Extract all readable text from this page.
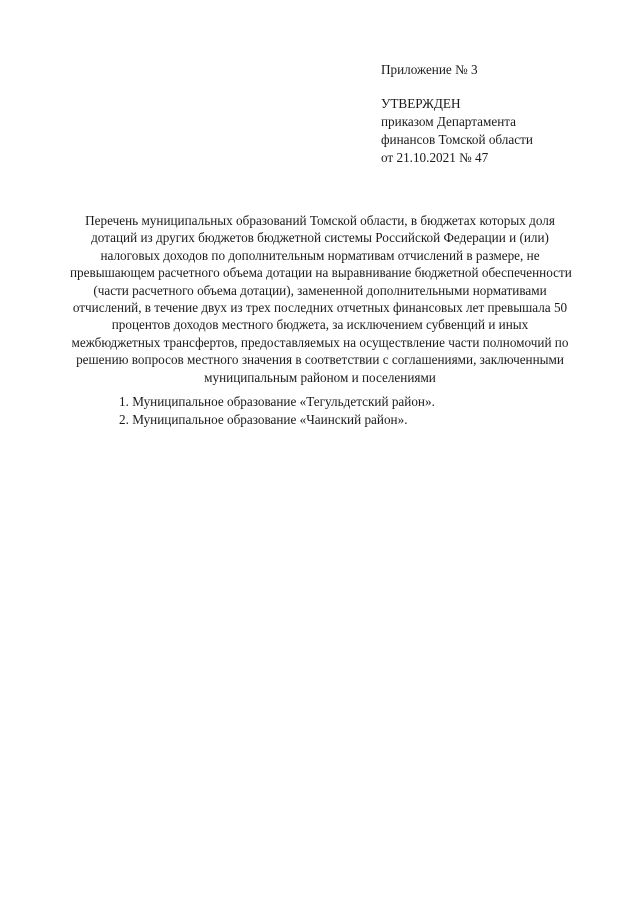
Приложение № 3
УТВЕРЖДЕН
приказом Департамента
финансов Томской области
от 21.10.2021 № 47
Перечень муниципальных образований Томской области, в бюджетах которых доля
дотаций из других бюджетов бюджетной системы Российской Федерации и (или)
налоговых доходов по дополнительным нормативам отчислений в размере, не
превышающем расчетного объема дотации на выравнивание бюджетной обеспеченности
(части расчетного объема дотации), замененной дополнительными нормативами
отчислений, в течение двух из трех последних отчетных финансовых лет превышала 50
процентов доходов местного бюджета, за исключением субвенций и иных
межбюджетных трансфертов, предоставляемых на осуществление части полномочий по
решению вопросов местного значения в соответствии с соглашениями, заключенными
муниципальным районом и поселениями
1. Муниципальное образование «Тегульдетский район».
2. Муниципальное образование «Чаинский район».
